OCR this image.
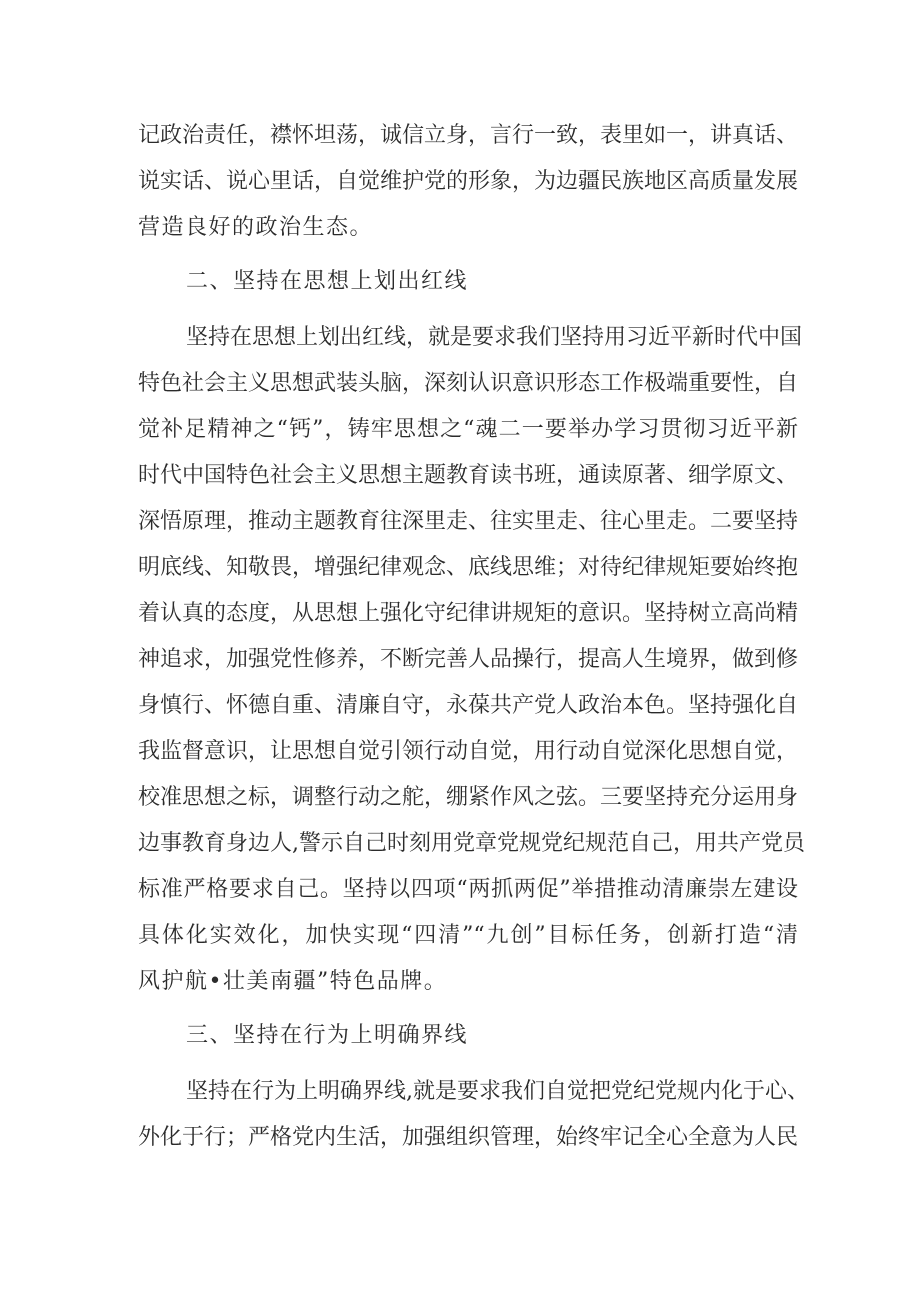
记政治责任，襟怀坦荡，诚信立身，言行一致，表里如一，讲真话、
说实话、说心里话，自觉维护党的形象，为边疆民族地区高质量发展
营造良好的政治生态。
二、坚持在思想上划出红线
坚持在思想上划出红线，就是要求我们坚持用习近平新时代中国
特色社会主义思想武装头脑，深刻认识意识形态工作极端重要性，自
觉补足精神之“钙”，铸牢思想之“魂二一要举办学习贯彻习近平新
时代中国特色社会主义思想主题教育读书班，通读原著、细学原文、
深悟原理，推动主题教育往深里走、往实里走、往心里走。二要坚持
明底线、知敬畏，增强纪律观念、底线思维；对待纪律规矩要始终抱
着认真的态度，从思想上强化守纪律讲规矩的意识。坚持树立高尚精
神追求，加强党性修养，不断完善人品操行，提高人生境界，做到修
身慎行、怀德自重、清廉自守，永葆共产党人政治本色。坚持强化自
我监督意识，让思想自觉引领行动自觉，用行动自觉深化思想自觉，
校准思想之标，调整行动之舵，绷紧作风之弦。三要坚持充分运用身
边事教育身边人,警示自己时刻用党章党规党纪规范自己，用共产党员
标准严格要求自己。坚持以四项“两抓两促”举措推动清廉崇左建设
具体化实效化，加快实现“四清”“九创”目标任务，创新打造“清
风护航•壮美南疆”特色品牌。
三、坚持在行为上明确界线
坚持在行为上明确界线,就是要求我们自觉把党纪党规内化于心、
外化于行；严格党内生活，加强组织管理，始终牢记全心全意为人民
